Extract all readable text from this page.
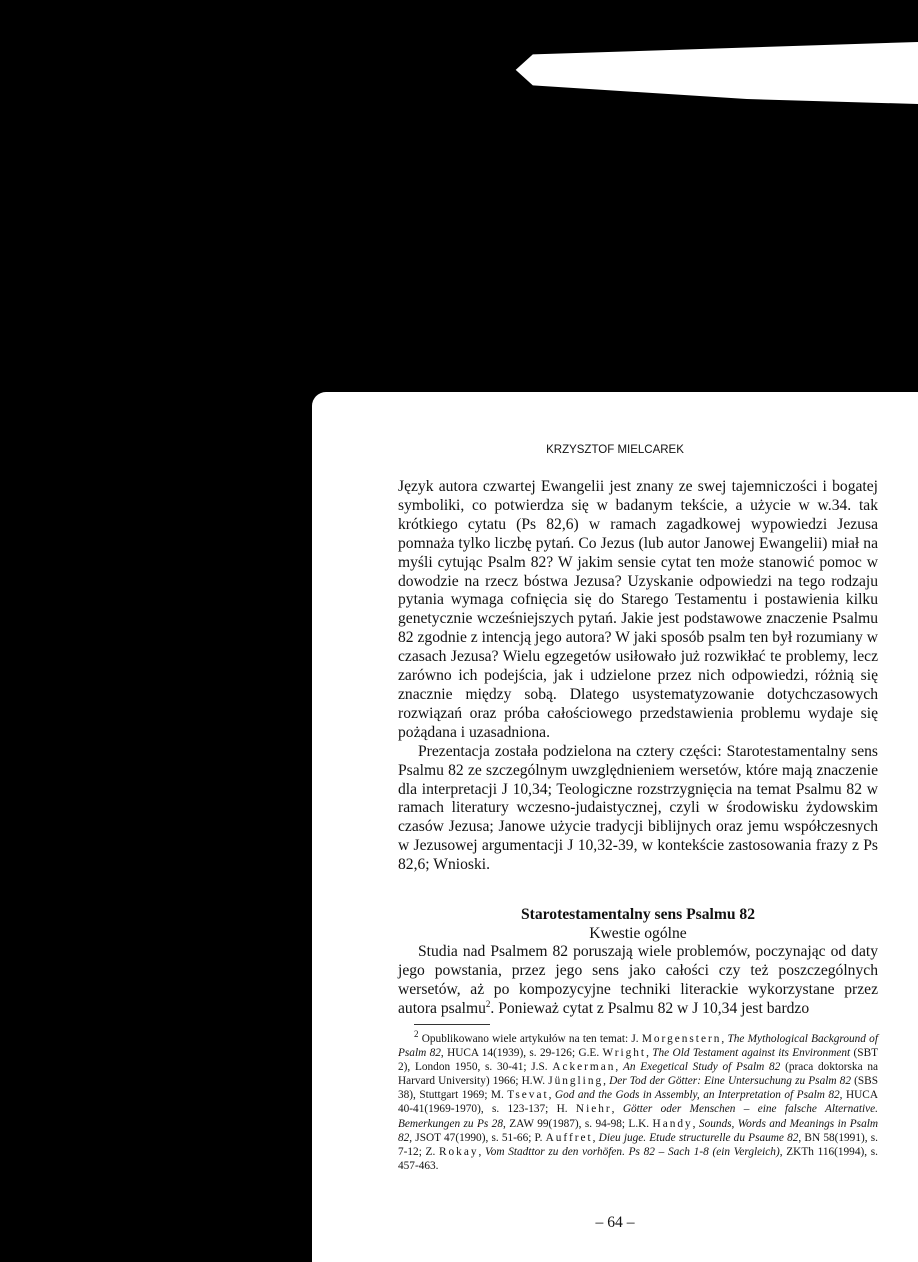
KRZYSZTOF MIELCAREK

Język autora czwartej Ewangelii jest znany ze swej tajemniczości i bogatej symboliki, co potwierdza się w badanym tekście, a użycie w w.34. tak krótkiego cytatu (Ps 82,6) w ramach zagadkowej wypowiedzi Jezusa pomnaża tylko liczbę pytań. Co Jezus (lub autor Janowej Ewangelii) miał na myśli cytując Psalm 82? W jakim sensie cytat ten może stanowić pomoc w dowodzie na rzecz bóstwa Jezusa? Uzyskanie odpowiedzi na tego rodzaju pytania wymaga cofnięcia się do Starego Testamentu i postawienia kilku genetycznie wcześniejszych pytań. Jakie jest podstawowe znaczenie Psalmu 82 zgodnie z intencją jego autora? W jaki sposób psalm ten był rozumiany w czasach Jezusa? Wielu egzegetów usiłowało już rozwikłać te problemy, lecz zarówno ich podejścia, jak i udzielone przez nich odpowiedzi, różnią się znacznie między sobą. Dlatego usystematyzowanie dotychczasowych rozwiązań oraz próba całościowego przedstawienia problemu wydaje się pożądana i uzasadniona.

Prezentacja została podzielona na cztery części: Starotestamentalny sens Psalmu 82 ze szczególnym uwzględnieniem wersetów, które mają znaczenie dla interpretacji J 10,34; Teologiczne rozstrzygnięcia na temat Psalmu 82 w ramach literatury wczesno-judaistycznej, czyli w środowisku żydowskim czasów Jezusa; Janowe użycie tradycji biblijnych oraz jemu współczesnych w Jezusowej argumentacji J 10,32-39, w kontekście zastosowania frazy z Ps 82,6; Wnioski.

Starotestamentalny sens Psalmu 82
Kwestie ogólne

Studia nad Psalmem 82 poruszają wiele problemów, poczynając od daty jego powstania, przez jego sens jako całości czy też poszczególnych wersetów, aż po kompozycyjne techniki literackie wykorzystane przez autora psalmu$^2$. Ponieważ cytat z Psalmu 82 w J 10,34 jest bardzo

$^2$ Opublikowano wiele artykułów na ten temat: J. Morgenstern, The Mythological Background of Psalm 82, HUCA 14(1939), s. 29-126; G.E. Wright, The Old Testament against its Environment (SBT 2), London 1950, s. 30-41; J.S. Ackerman, An Exegetical Study of Psalm 82 (praca doktorska na Harvard University) 1966; H.W. Jüngling, Der Tod der Götter: Eine Untersuchung zu Psalm 82 (SBS 38), Stuttgart 1969; M. Tsevat, God and the Gods in Assembly, an Interpretation of Psalm 82, HUCA 40-41(1969-1970), s. 123-137; H. Niehr, Götter oder Menschen – eine falsche Alternative. Bemerkungen zu Ps 28, ZAW 99(1987), s. 94-98; L.K. Handy, Sounds, Words and Meanings in Psalm 82, JSOT 47(1990), s. 51-66; P. Auffret, Dieu juge. Etude structurelle du Psaume 82, BN 58(1991), s. 7-12; Z. Rokay, Vom Stadttor zu den vorhöfen. Ps 82 – Sach 1-8 (ein Vergleich), ZKTh 116(1994), s. 457-463.
– 64 –
